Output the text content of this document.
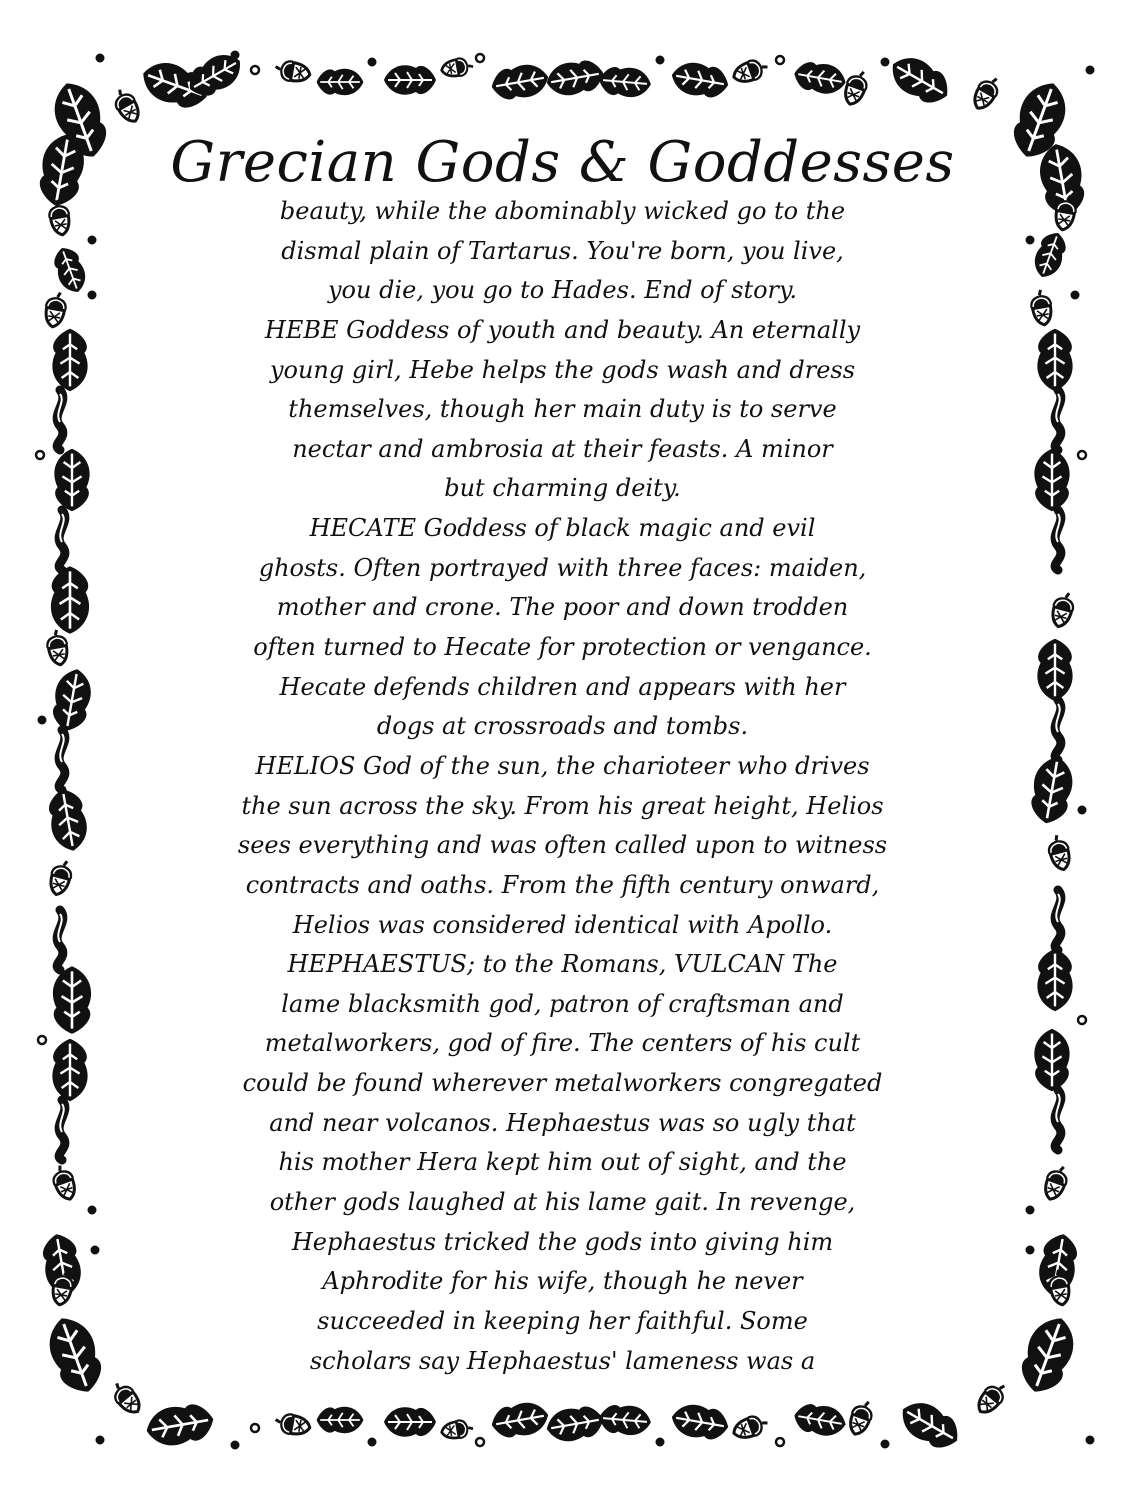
Grecian Gods & Goddesses
beauty, while the abominably wicked go to the
dismal plain of Tartarus. You're born, you live,
you die, you go to Hades. End of story.
HEBE Goddess of youth and beauty. An eternally
young girl, Hebe helps the gods wash and dress
themselves, though her main duty is to serve
nectar and ambrosia at their feasts. A minor
but charming deity.
HECATE Goddess of black magic and evil
ghosts. Often portrayed with three faces: maiden,
mother and crone. The poor and down trodden
often turned to Hecate for protection or vengance.
Hecate defends children and appears with her
dogs at crossroads and tombs.
HELIOS God of the sun, the charioteer who drives
the sun across the sky. From his great height, Helios
sees everything and was often called upon to witness
contracts and oaths. From the fifth century onward,
Helios was considered identical with Apollo.
HEPHAESTUS; to the Romans, VULCAN The
lame blacksmith god, patron of craftsman and
metalworkers, god of fire. The centers of his cult
could be found wherever metalworkers congregated
and near volcanos. Hephaestus was so ugly that
his mother Hera kept him out of sight, and the
other gods laughed at his lame gait. In revenge,
Hephaestus tricked the gods into giving him
Aphrodite for his wife, though he never
succeeded in keeping her faithful. Some
scholars say Hephaestus' lameness was a
